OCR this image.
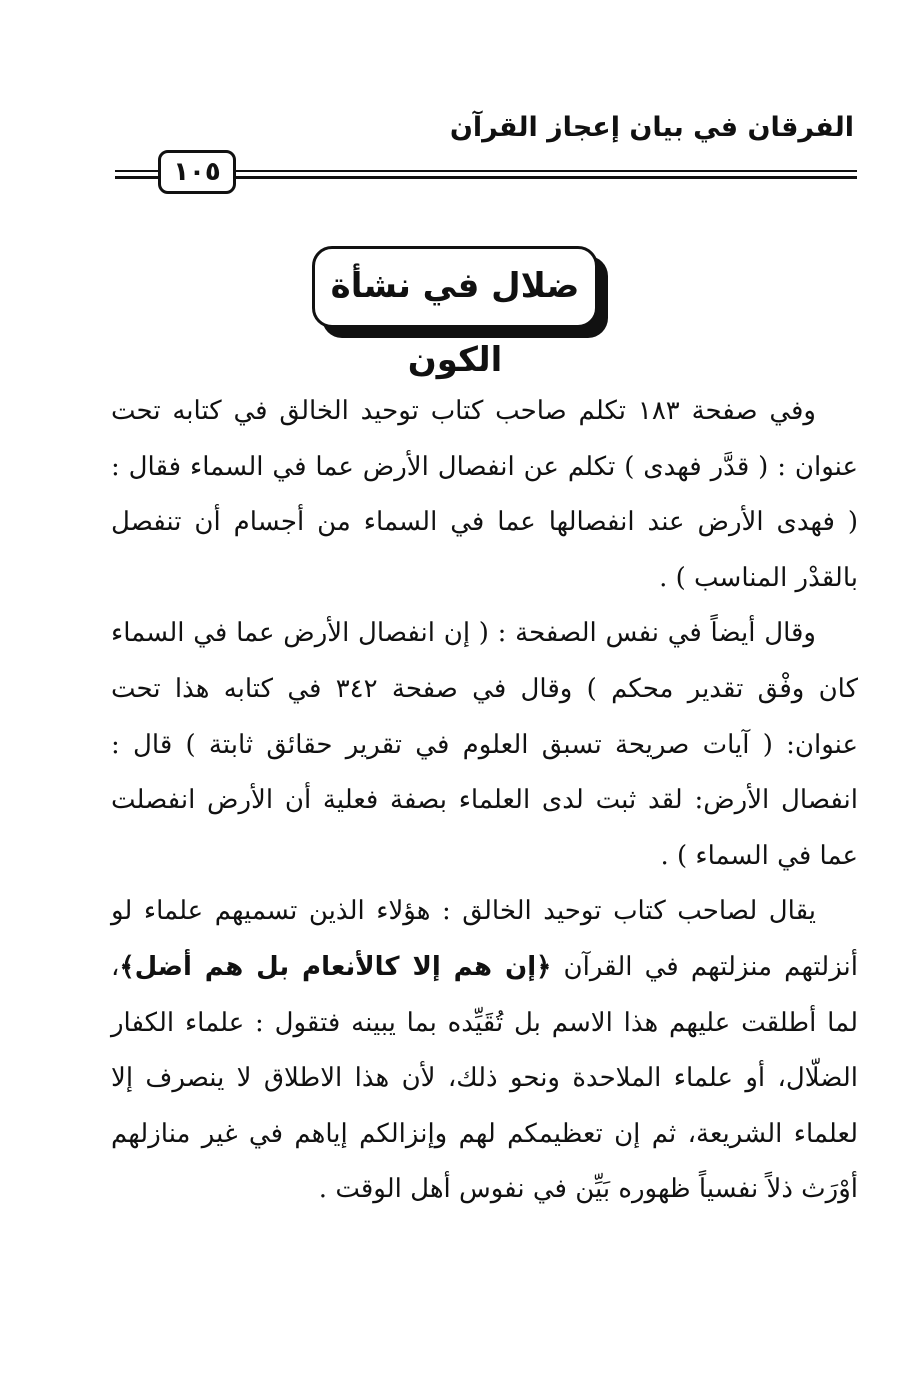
الفرقان في بيان إعجاز القرآن
١٠٥
ضلال في نشأة الكون

وفي صفحة ١٨٣ تكلم صاحب كتاب توحيد الخالق في كتابه تحت عنوان : ( قدَّر فهدى ) تكلم عن انفصال الأرض عما في السماء فقال : ( فهدى الأرض عند انفصالها عما في السماء من أجسام أن تنفصل بالقدْر المناسب ) .

وقال أيضاً في نفس الصفحة : ( إن انفصال الأرض عما في السماء كان وفْق تقدير محكم ) وقال في صفحة ٣٤٢ في كتابه هذا تحت عنوان: ( آيات صريحة تسبق العلوم في تقرير حقائق ثابتة ) قال : انفصال الأرض: لقد ثبت لدى العلماء بصفة فعلية أن الأرض انفصلت عما في السماء ) .

يقال لصاحب كتاب توحيد الخالق : هؤلاء الذين تسميهم علماء لو أنزلتهم منزلتهم في القرآن ﴿إن هم إلا كالأنعام بل هم أضل﴾، لما أطلقت عليهم هذا الاسم بل تُقَيِّده بما يبينه فتقول : علماء الكفار الضلّال، أو علماء الملاحدة ونحو ذلك، لأن هذا الاطلاق لا ينصرف إلا لعلماء الشريعة، ثم إن تعظيمكم لهم وإنزالكم إياهم في غير منازلهم أوْرَث ذلاً نفسياً ظهوره بَيِّن في نفوس أهل الوقت .
